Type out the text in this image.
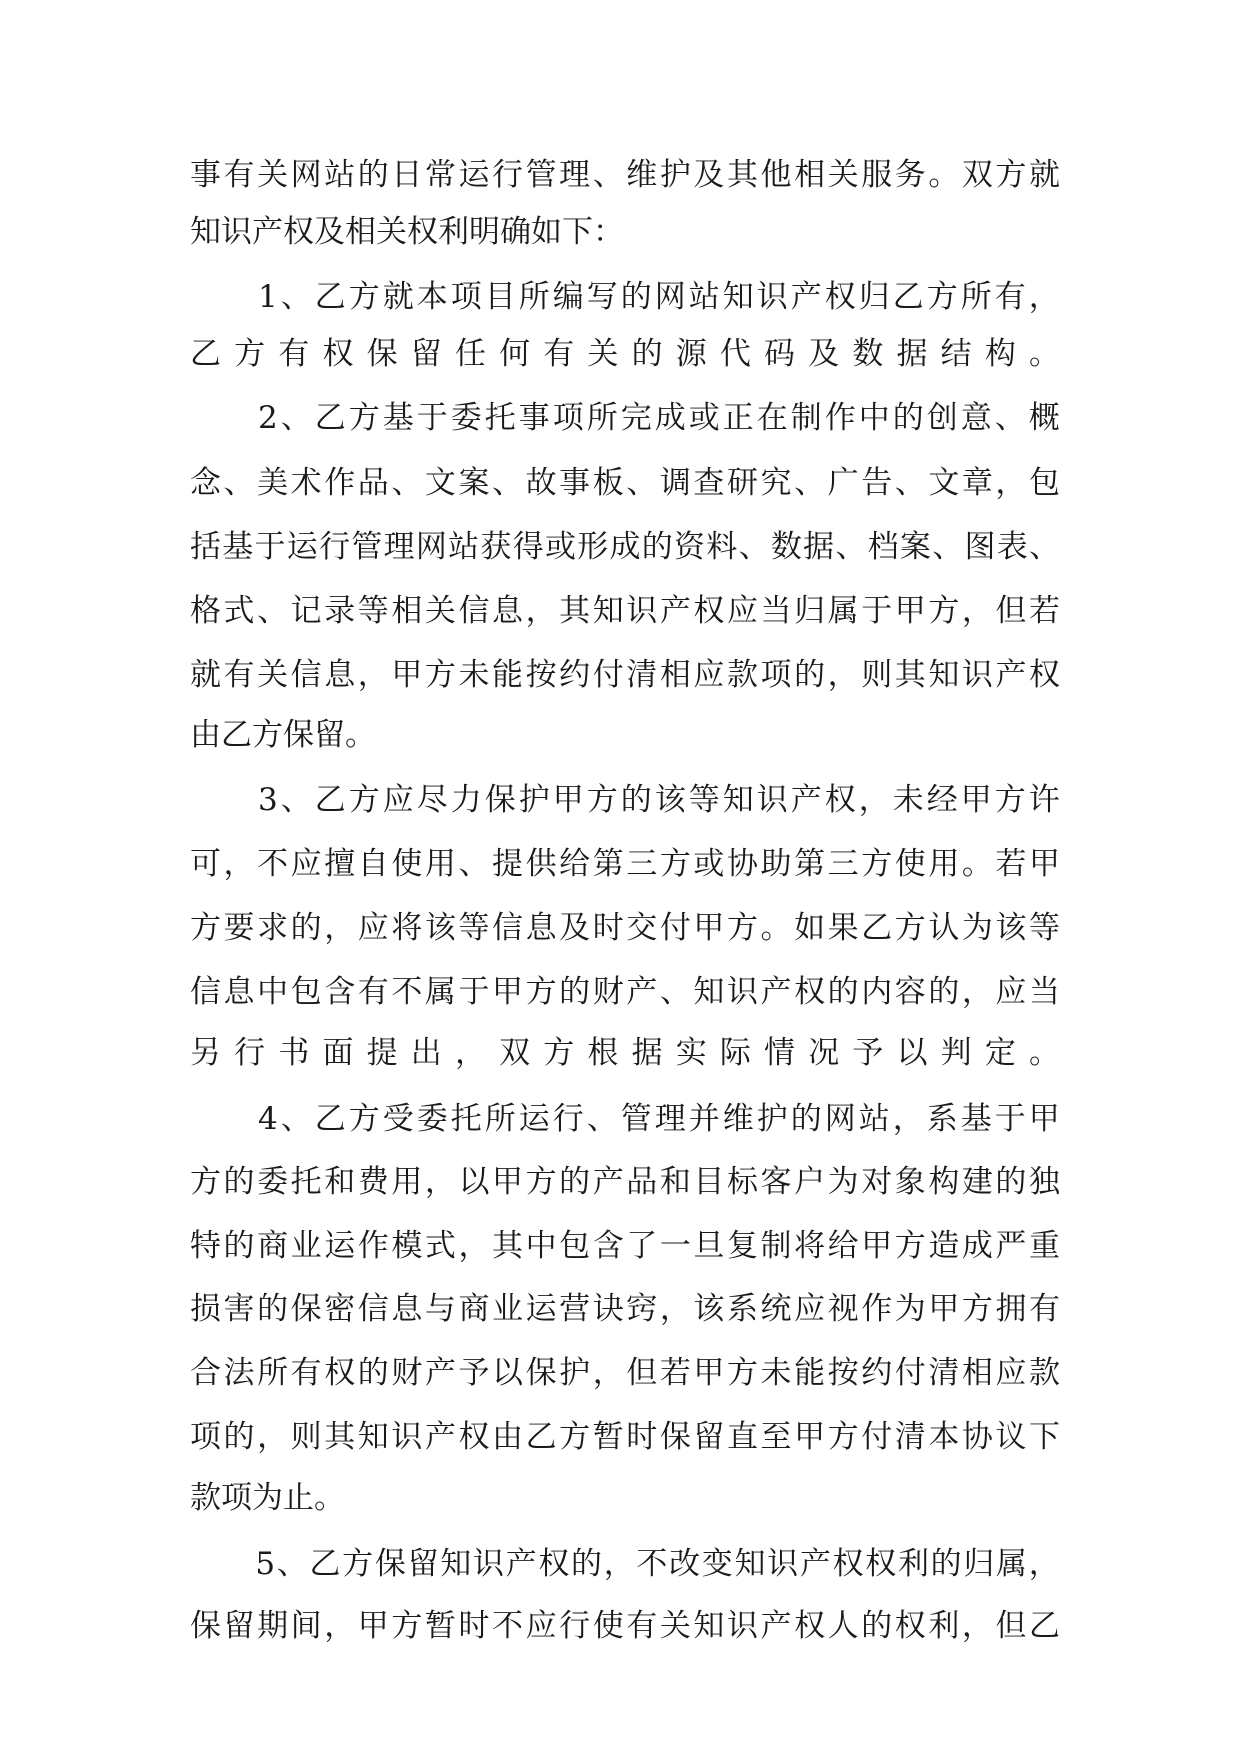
事有关网站的日常运行管理、维护及其他相关服务。双方就
知识产权及相关权利明确如下：
　　1、乙方就本项目所编写的网站知识产权归乙方所有，
乙方有权保留任何有关的源代码及数据结构。
　　2、乙方基于委托事项所完成或正在制作中的创意、概
念、美术作品、文案、故事板、调查研究、广告、文章，包
括基于运行管理网站获得或形成的资料、数据、档案、图表、
格式、记录等相关信息，其知识产权应当归属于甲方，但若
就有关信息，甲方未能按约付清相应款项的，则其知识产权
由乙方保留。
　　3、乙方应尽力保护甲方的该等知识产权，未经甲方许
可，不应擅自使用、提供给第三方或协助第三方使用。若甲
方要求的，应将该等信息及时交付甲方。如果乙方认为该等
信息中包含有不属于甲方的财产、知识产权的内容的，应当
另行书面提出，双方根据实际情况予以判定。
　　4、乙方受委托所运行、管理并维护的网站，系基于甲
方的委托和费用，以甲方的产品和目标客户为对象构建的独
特的商业运作模式，其中包含了一旦复制将给甲方造成严重
损害的保密信息与商业运营诀窍，该系统应视作为甲方拥有
合法所有权的财产予以保护，但若甲方未能按约付清相应款
项的，则其知识产权由乙方暂时保留直至甲方付清本协议下
款项为止。
　　5、乙方保留知识产权的，不改变知识产权权利的归属，
保留期间，甲方暂时不应行使有关知识产权人的权利，但乙
